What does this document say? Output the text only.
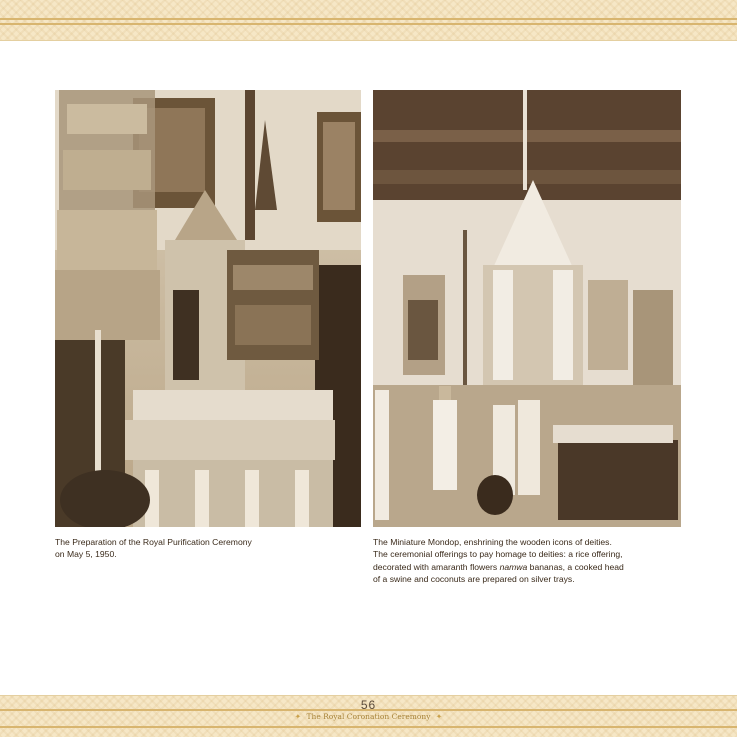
The Preparation of the Royal Purification Ceremony
on May 5, 1950.

The Miniature Mondop, enshrining the wooden icons of deities.
The ceremonial offerings to pay homage to deities: a rice offering,
decorated with amaranth flowers namwa bananas, a cooked head
of a swine and coconuts are prepared on silver trays.

56
✦ The Royal Coronation Ceremony ✦
